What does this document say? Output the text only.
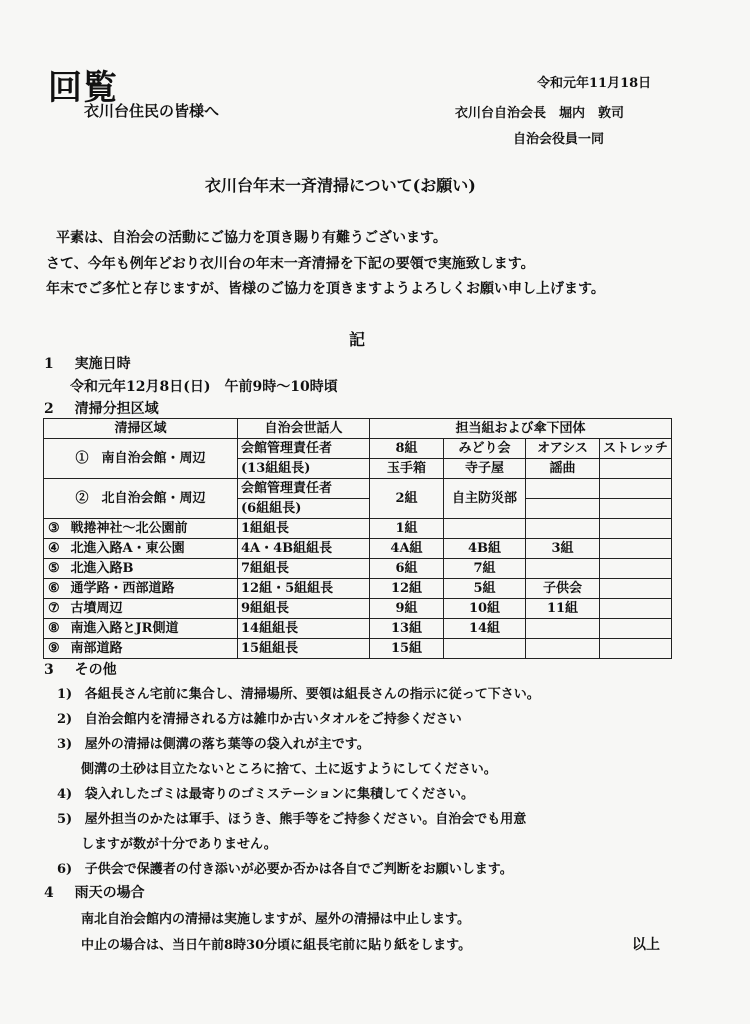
回覧
衣川台住民の皆様へ
令和元年11月18日
衣川台自治会長　堀内　敦司
自治会役員一同
衣川台年末一斉清掃について(お願い)
平素は、自治会の活動にご協力を頂き賜り有難うございます。
さて、今年も例年どおり衣川台の年末一斉清掃を下記の要領で実施致します。
年末でご多忙と存じますが、皆様のご協力を頂きますようよろしくお願い申し上げます。
記
1 実施日時
令和元年12月8日(日)　午前9時～10時頃
2 清掃分担区域
清掃区域	自治会世話人	担当組および傘下団体			
①　 南自治会館・周辺	会館管理責任者	8組	みどり会	オアシス	ストレッチ
	(13組組長)	玉手箱	寺子屋	謡曲	
②　 北自治会館・周辺	会館管理責任者	2組	自主防災部		
	(6組組長)				
③ 戦捲神社～北公園前	1組組長	1組			
④ 北進入路A・東公園	4A・4B組組長	4A組	4B組	3組	
⑤ 北進入路B	7組組長	6組	7組		
⑥ 通学路・西部道路	12組・5組組長	12組	5組	子供会	
⑦ 古墳周辺	9組組長	9組	10組	11組	
⑧ 南進入路とJR側道	14組組長	13組	14組		
⑨ 南部道路	15組組長	15組			
3 その他
1) 各組長さん宅前に集合し、清掃場所、要領は組長さんの指示に従って下さい。
2) 自治会館内を清掃される方は雑巾か古いタオルをご持参ください
3) 屋外の清掃は側溝の落ち葉等の袋入れが主です。
側溝の土砂は目立たないところに捨て、土に返すようにしてください。
4) 袋入れしたゴミは最寄りのゴミステーションに集積してください。
5) 屋外担当のかたは軍手、ほうき、熊手等をご持参ください。自治会でも用意
しますが数が十分でありません。
6) 子供会で保護者の付き添いが必要か否かは各自でご判断をお願いします。
4 雨天の場合
南北自治会館内の清掃は実施しますが、屋外の清掃は中止します。
中止の場合は、当日午前8時30分頃に組長宅前に貼り紙をします。	以上
